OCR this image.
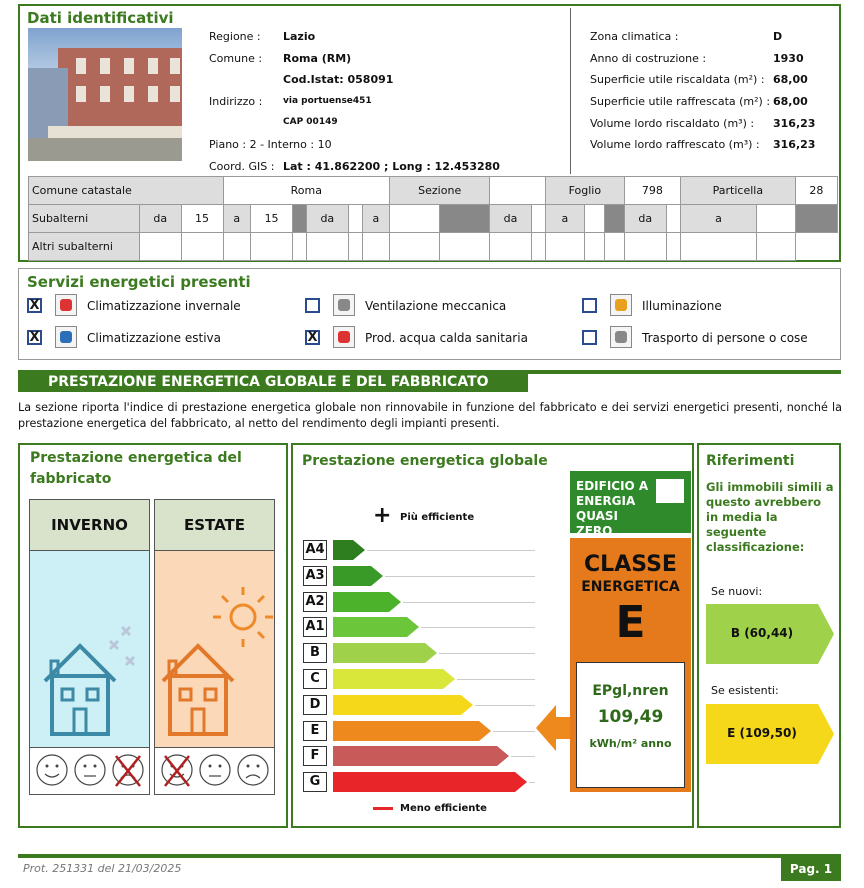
Dati identificativi
Regione : Lazio
Comune : Roma (RM)
Cod.Istat: 058091
Indirizzo : via portuense451
CAP 00149
Piano : 2 - Interno : 10
Coord. GIS : Lat : 41.862200 ; Long : 12.453280
Zona climatica :	D
Anno di costruzione :	1930
Superficie utile riscaldata (m²) : 68,00
Superficie utile raffrescata (m²) : 68,00
Volume lordo riscaldato (m³) : 316,23
Volume lordo raffrescato (m³) : 316,23
Comune catastale			Roma						Sezione				Foglio			798		Particella		28
Subalterni	da	15	a	15		da		a			da		a			da		a		
Altri subalterni																				
Servizi energetici presenti
X	Climatizzazione invernale	Ventilazione meccanica	Illuminazione
X	Climatizzazione estiva	X	Prod. acqua calda sanitaria	Trasporto di persone o cose
PRESTAZIONE ENERGETICA GLOBALE E DEL FABBRICATO
La sezione riporta l'indice di prestazione energetica globale non rinnovabile in funzione del fabbricato e dei servizi energetici presenti, nonché la prestazione energetica del fabbricato, al netto del rendimento degli impianti presenti.
Prestazione energetica del fabbricato
INVERNO	ESTATE
Prestazione energetica globale
+ Più efficiente
A4
A3
A2
A1
B
C
D
E
F
G
Meno efficiente
EDIFICIO A ENERGIA QUASI ZERO
CLASSE
ENERGETICA
E
EPgl,nren
109,49
kWh/m² anno
Riferimenti
Gli immobili simili a questo avrebbero in media la seguente classificazione:
Se nuovi:
B (60,44)
Se esistenti:
E (109,50)
Prot. 251331 del 21/03/2025	Pag. 1
